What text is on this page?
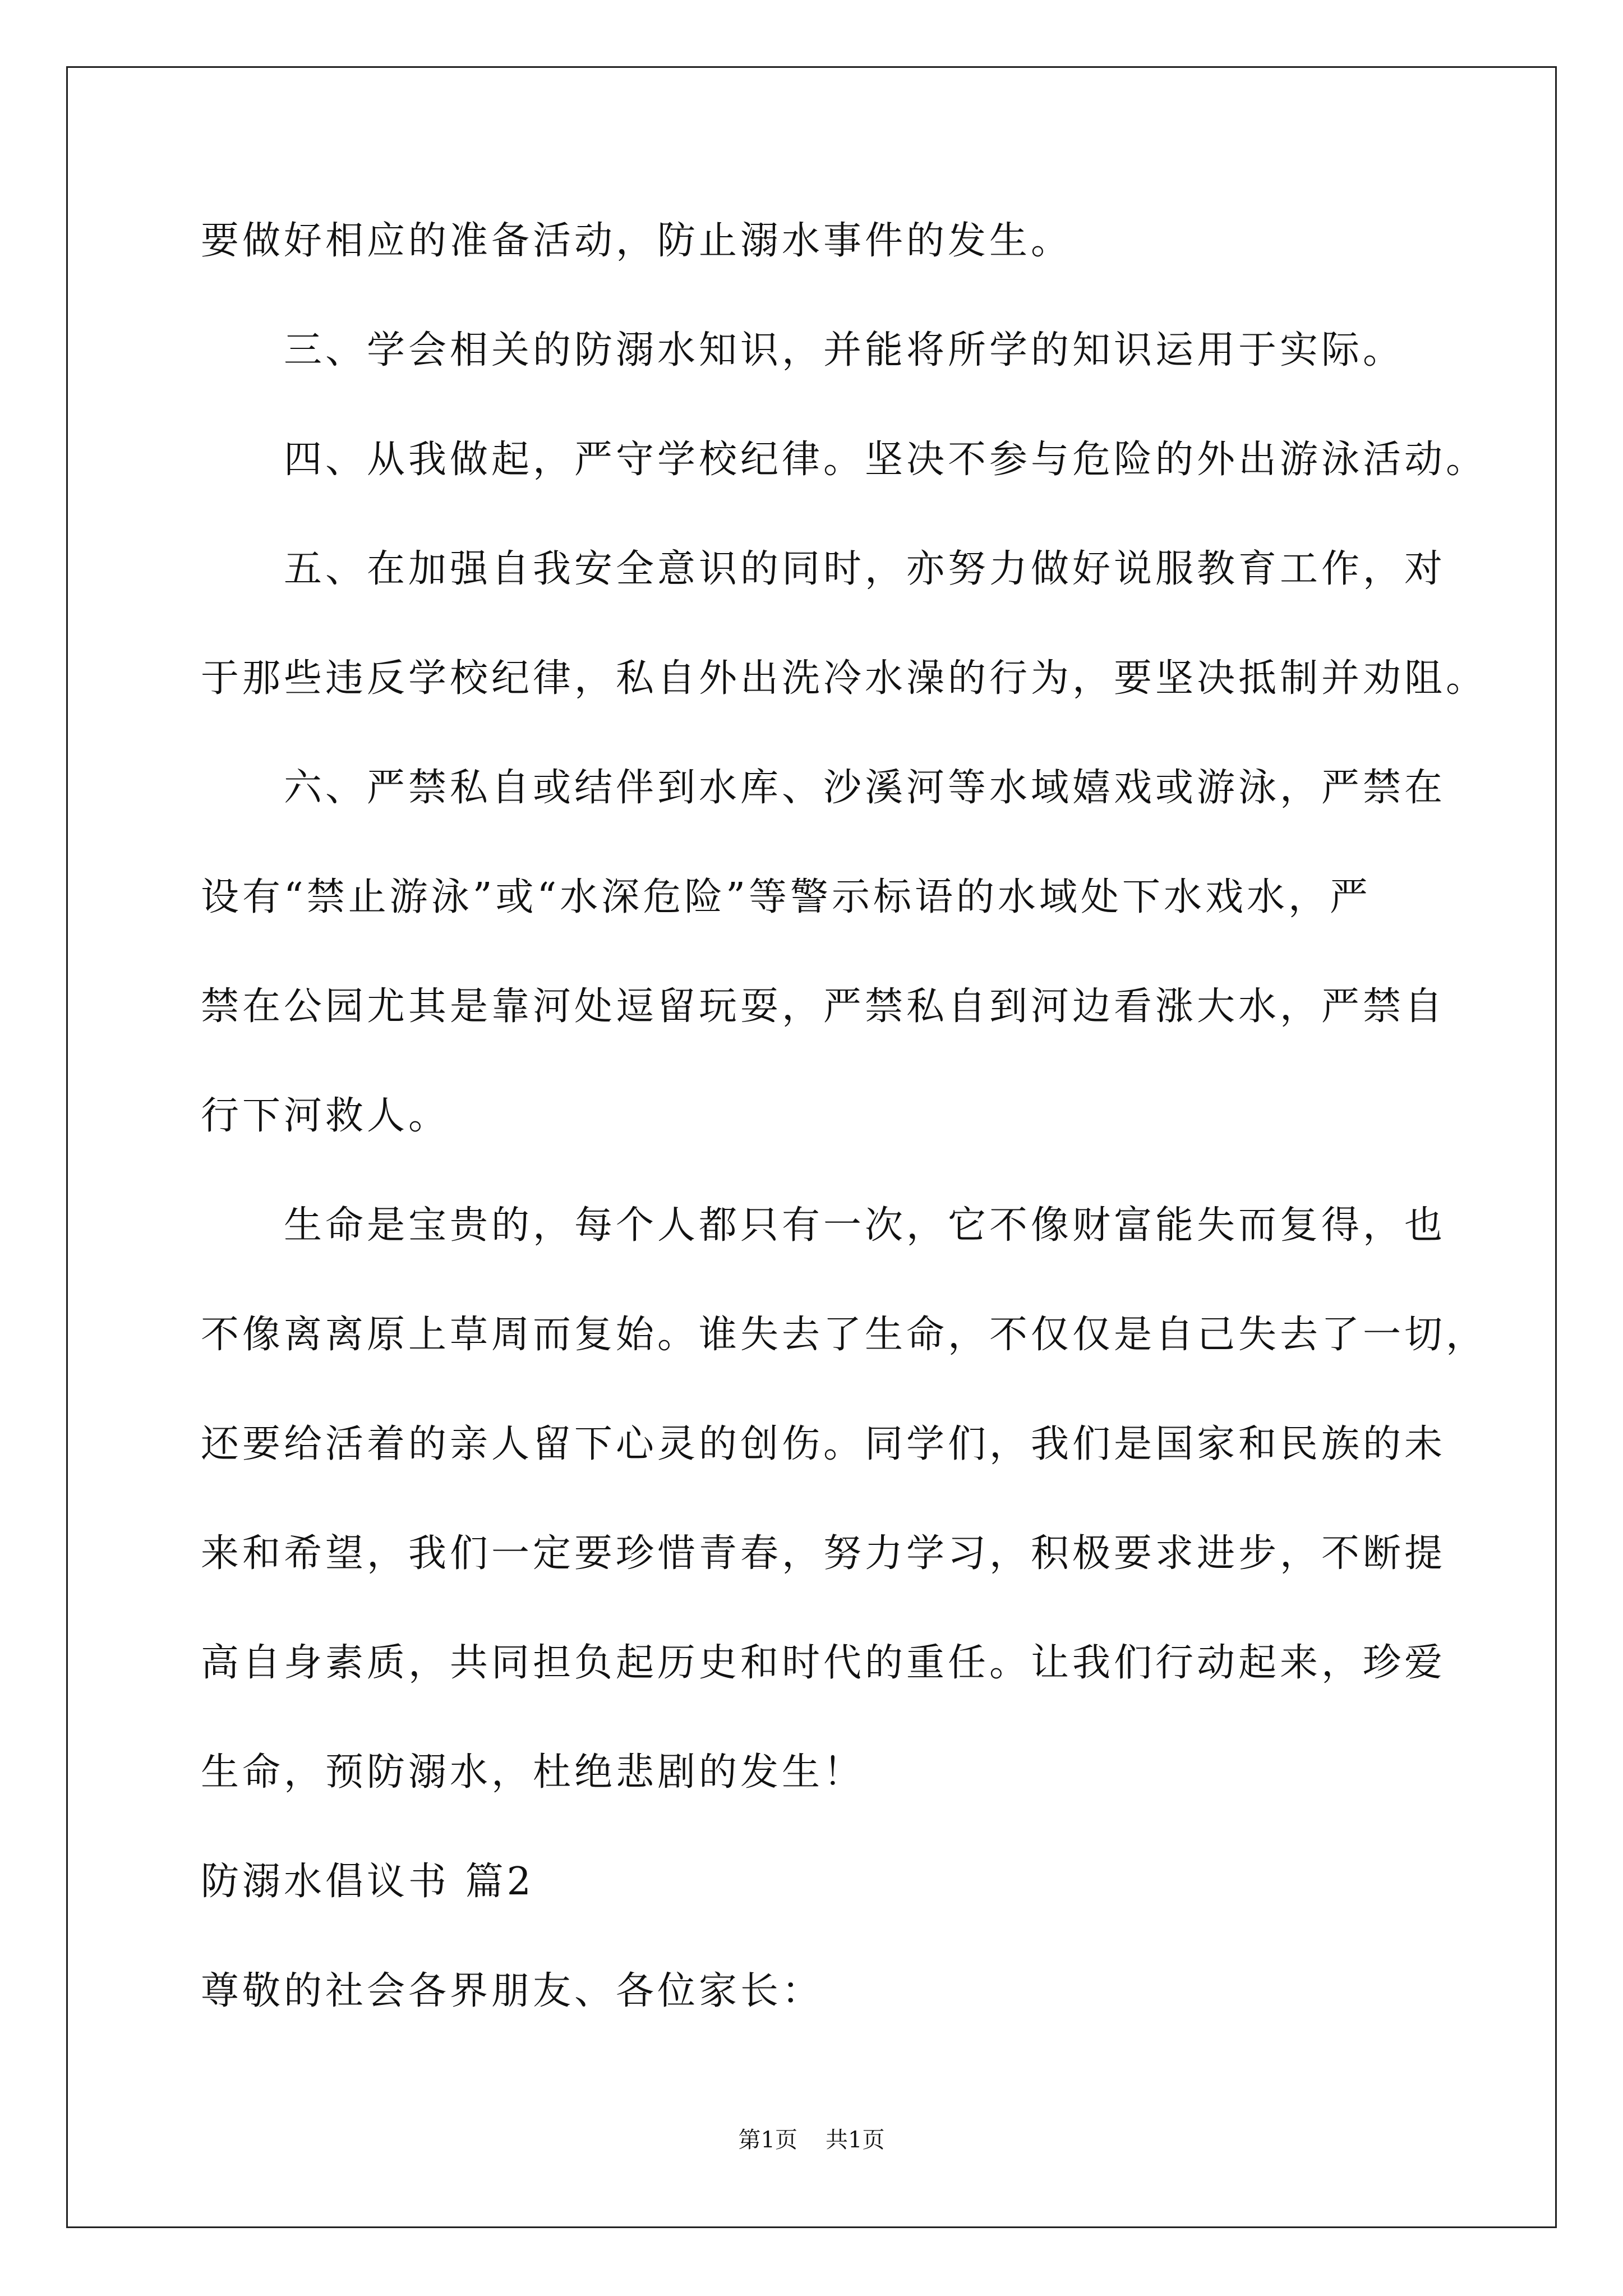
要做好相应的准备活动，防止溺水事件的发生。
三、学会相关的防溺水知识，并能将所学的知识运用于实际。
四、从我做起，严守学校纪律。坚决不参与危险的外出游泳活动。
五、在加强自我安全意识的同时，亦努力做好说服教育工作，对
于那些违反学校纪律，私自外出洗冷水澡的行为，要坚决抵制并劝阻。
六、严禁私自或结伴到水库、沙溪河等水域嬉戏或游泳，严禁在
设有“禁止游泳”或“水深危险”等警示标语的水域处下水戏水，严
禁在公园尤其是靠河处逗留玩耍，严禁私自到河边看涨大水，严禁自
行下河救人。
生命是宝贵的，每个人都只有一次，它不像财富能失而复得，也
不像离离原上草周而复始。谁失去了生命，不仅仅是自己失去了一切，
还要给活着的亲人留下心灵的创伤。同学们，我们是国家和民族的未
来和希望，我们一定要珍惜青春，努力学习，积极要求进步，不断提
高自身素质，共同担负起历史和时代的重任。让我们行动起来，珍爱
生命，预防溺水，杜绝悲剧的发生！
防溺水倡议书 篇2
尊敬的社会各界朋友、各位家长：
第1页 共1页
